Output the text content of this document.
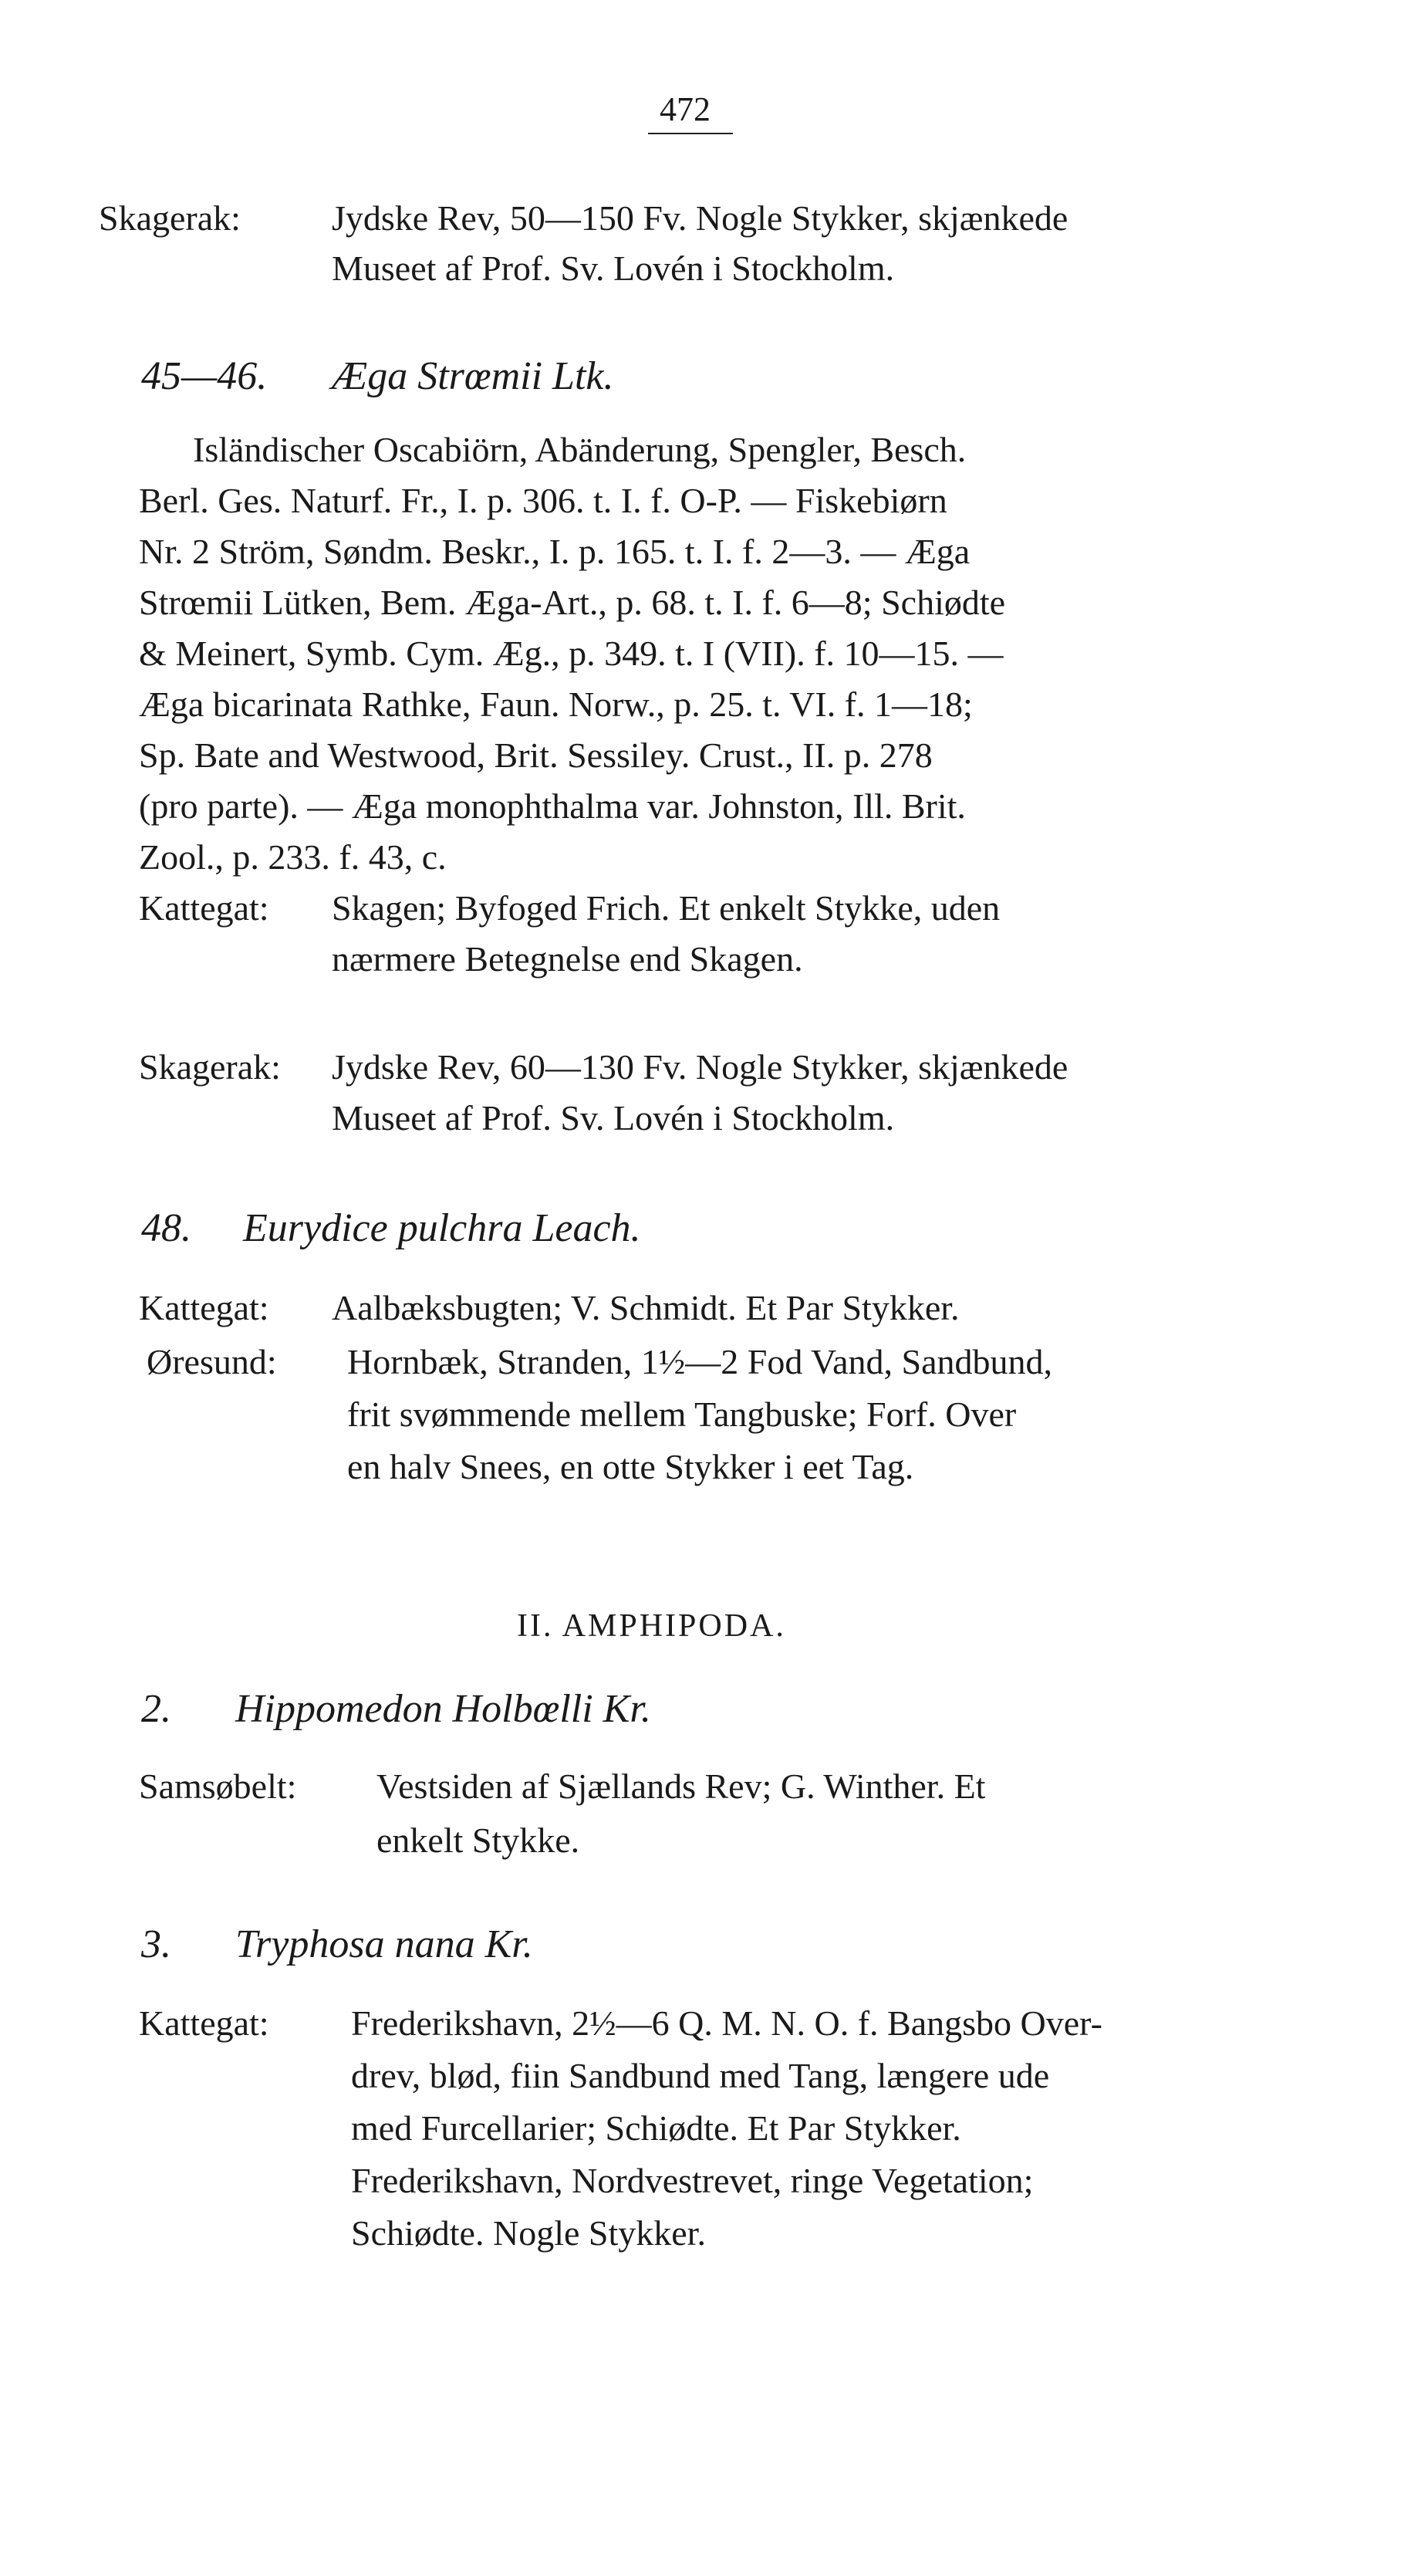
472
Skagerak:	Jydske Rev, 50—150 Fv. Nogle Stykker, skjænkede
Museet af Prof. Sv. Lovén i Stockholm.
45—46. Ægа Strœmii Ltk.
Isländischer Oscabiörn, Abänderung, Spengler, Besch.
Berl. Ges. Naturf. Fr., I. p. 306. t. I. f. O-P. — Fiskebiørn
Nr. 2 Ström, Søndm. Beskr., I. p. 165. t. I. f. 2—3. — Æga
Strœmii Lütken, Bem. Æga-Art., p. 68. t. I. f. 6—8; Schiødte
& Meinert, Symb. Cym. Æg., p. 349. t. I (VII). f. 10—15. —
Æga bicarinata Rathke, Faun. Norw., p. 25. t. VI. f. 1—18;
Sp. Bate and Westwood, Brit. Sessiley. Crust., II. p. 278
(pro parte). — Æga monophthalma var. Johnston, Ill. Brit.
Zool., p. 233. f. 43, c.
Kattegat: Skagen; Byfoged Frich. Et enkelt Stykke, uden
nærmere Betegnelse end Skagen.
Skagerak: Jydske Rev, 60—130 Fv. Nogle Stykker, skjænkede
Museet af Prof. Sv. Lovén i Stockholm.
48. Eurydice pulchra Leach.
Kattegat: Aalbæksbugten; V. Schmidt. Et Par Stykker.
Øresund: Hornbæk, Stranden, 1½—2 Fod Vand, Sandbund,
frit svømmende mellem Tangbuske; Forf. Over
en halv Snees, en otte Stykker i eet Tag.
II. AMPHIPODA.
2. Hippomedon Holbœlli Kr.
Samsøbelt: Vestsiden af Sjællands Rev; G. Winther. Et
enkelt Stykke.
3. Tryphosa nana Kr.
Kattegat: Frederikshavn, 2½—6 Q. M. N. O. f. Bangsbo Over-
drev, blød, fiin Sandbund med Tang, længere ude
med Furcellarier; Schiødte. Et Par Stykker.
Frederikshavn, Nordvestrevet, ringe Vegetation;
Schiødte. Nogle Stykker.
